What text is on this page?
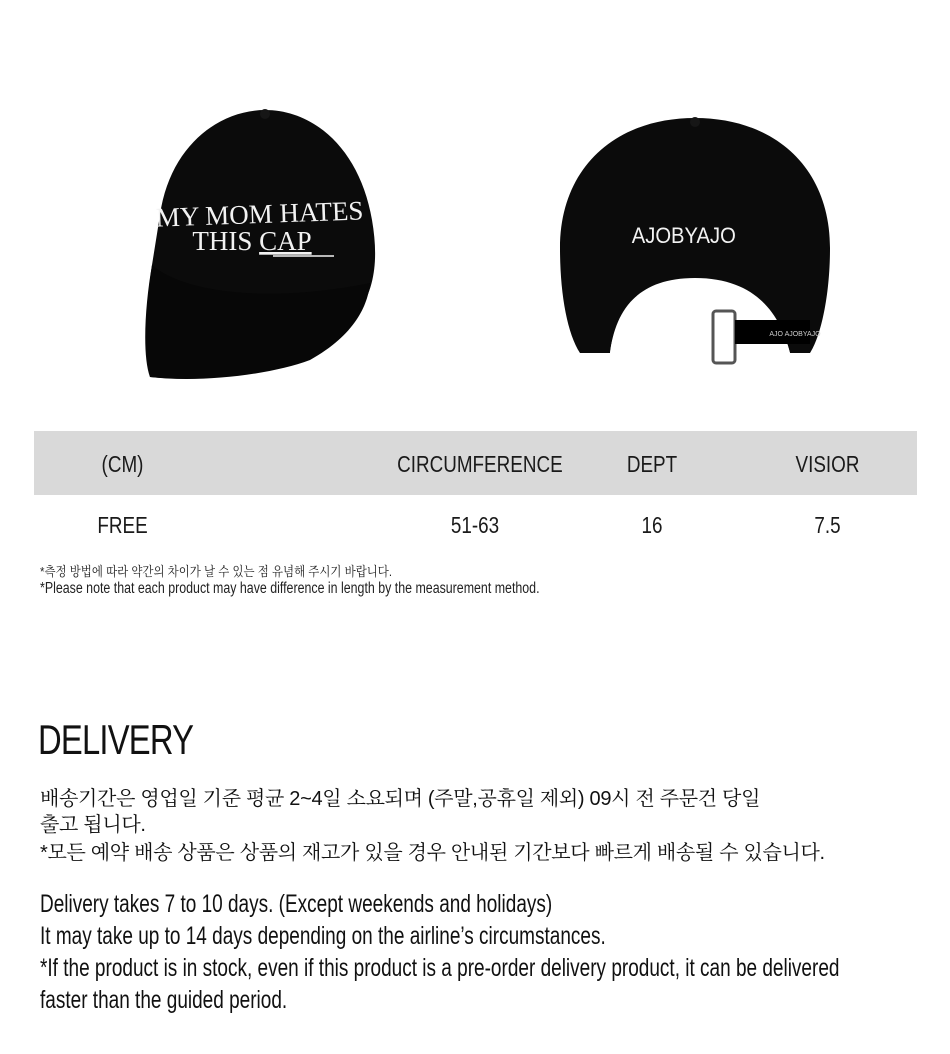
MY MOM HATES
THIS CAP	AJOBYAJO
AJO AJOBYAJO
(CM)	CIRCUMFERENCE	DEPT	VISIOR
FREE	51-63	16	7.5
*측정 방법에 따라 약간의 차이가 날 수 있는 점 유념해 주시기 바랍니다.
*Please note that each product may have difference in length by the measurement method.
DELIVERY
배송기간은 영업일 기준 평균 2~4일 소요되며 (주말,공휴일 제외) 09시 전 주문건 당일
출고 됩니다.
*모든 예약 배송 상품은 상품의 재고가 있을 경우 안내된 기간보다 빠르게 배송될 수 있습니다.
Delivery takes 7 to 10 days. (Except weekends and holidays)
It may take up to 14 days depending on the airline’s circumstances.
*If the product is in stock, even if this product is a pre-order delivery product, it can be delivered
faster than the guided period.
